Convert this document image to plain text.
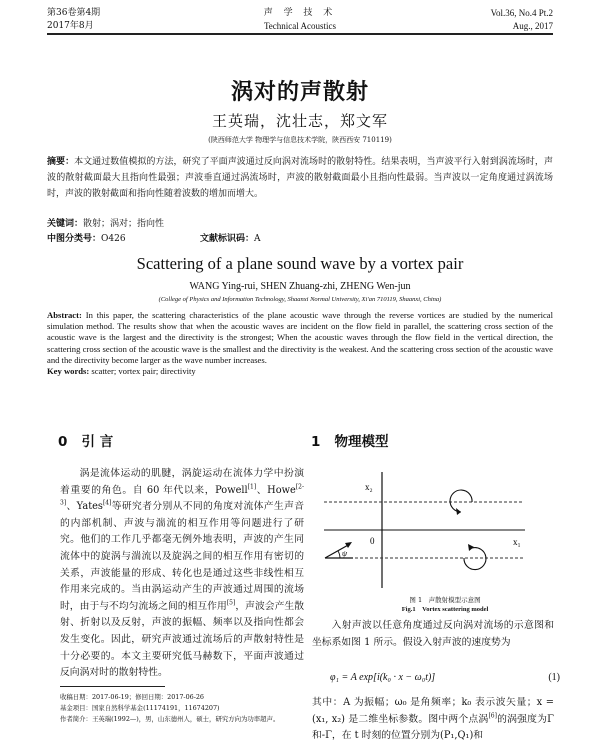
第36卷第4期
2017年8月
声 学 技 术
Technical Acoustics
Vol.36, No.4 Pt.2
Aug., 2017
涡对的声散射
王英瑞，沈壮志，郑文军
(陕西师范大学 物理学与信息技术学院，陕西西安 710119)
摘要：本文通过数值模拟的方法，研究了平面声波通过反向涡对流场时的散射特性。结果表明，当声波平行入射到涡流场时，声波的散射截面最大且指向性最强；声波垂直通过涡流场时，声波的散射截面最小且指向性最弱。当声波以一定角度通过涡流场时，声波的散射截面和指向性随着波数的增加而增大。
关键词：散射；涡对；指向性
中图分类号：O426	文献标识码：A
Scattering of a plane sound wave by a vortex pair
WANG Ying-rui, SHEN Zhuang-zhi, ZHENG Wen-jun
(College of Physics and Information Technology, Shaanxi Normal University, Xi'an 710119, Shaanxi, China)
Abstract: In this paper, the scattering characteristics of the plane acoustic wave through the reverse vortices are studied by the numerical simulation method. The results show that when the acoustic waves are incident on the flow field in parallel, the scattering cross section of the acoustic wave is the largest and the directivity is the strongest; When the acoustic waves through the flow field in the vertical direction, the scattering cross section of the acoustic wave is the smallest and the directivity is the weakest. And the scattering cross section of the acoustic wave and the directivity become larger as the wave number increases.
Key words: scatter; vortex pair; directivity
0 引 言
涡是流体运动的肌腱，涡旋运动在流体力学中扮演着重要的角色。自 60 年代以来，Powell[1]、Howe[2-3]、Yates[4]等研究者分别从不同的角度对流体产生声音的内部机制、声波与湍流的相互作用等问题进行了研究。他们的工作几乎都毫无例外地表明，声波的产生同流体中的旋涡与湍流以及旋涡之间的相互作用有密切的关系，声波能量的形成、转化也是通过这些非线性相互作用来完成的。当由涡运动产生的声波通过周围的流场时，由于与不均匀流场之间的相互作用[5]，声波会产生散射、折射以及反射，声波的振幅、频率以及指向性都会发生变化。因此，研究声波通过流场后的声散射特性是十分必要的。本文主要研究低马赫数下，平面声波通过反向涡对时的散射特性。
收稿日期：2017-06-19；修回日期：2017-06-26
基金项目：国家自然科学基金(11174191，11674207)
作者简介：王英瑞(1992—)，男，山东德州人，硕士，研究方向为功率超声。
1 物理模型
x₂
x₁
0
ψ
图 1　声散射模型示意图
Fig.1　Vortex scattering model
入射声波以任意角度通过反向涡对流场的示意图和坐标系如图 1 所示。假设入射声波的速度势为
φ₁ = A exp[i(k₀ · x − ω₀t)]	(1)
其中：A 为振幅；ω₀ 是角频率；k₀ 表示波矢量；x = (x₁, x₂) 是二维坐标参数。图中两个点涡[6]的涡强度为Γ和-Γ，在 t 时刻的位置分别为(P₁,Q₁)和
